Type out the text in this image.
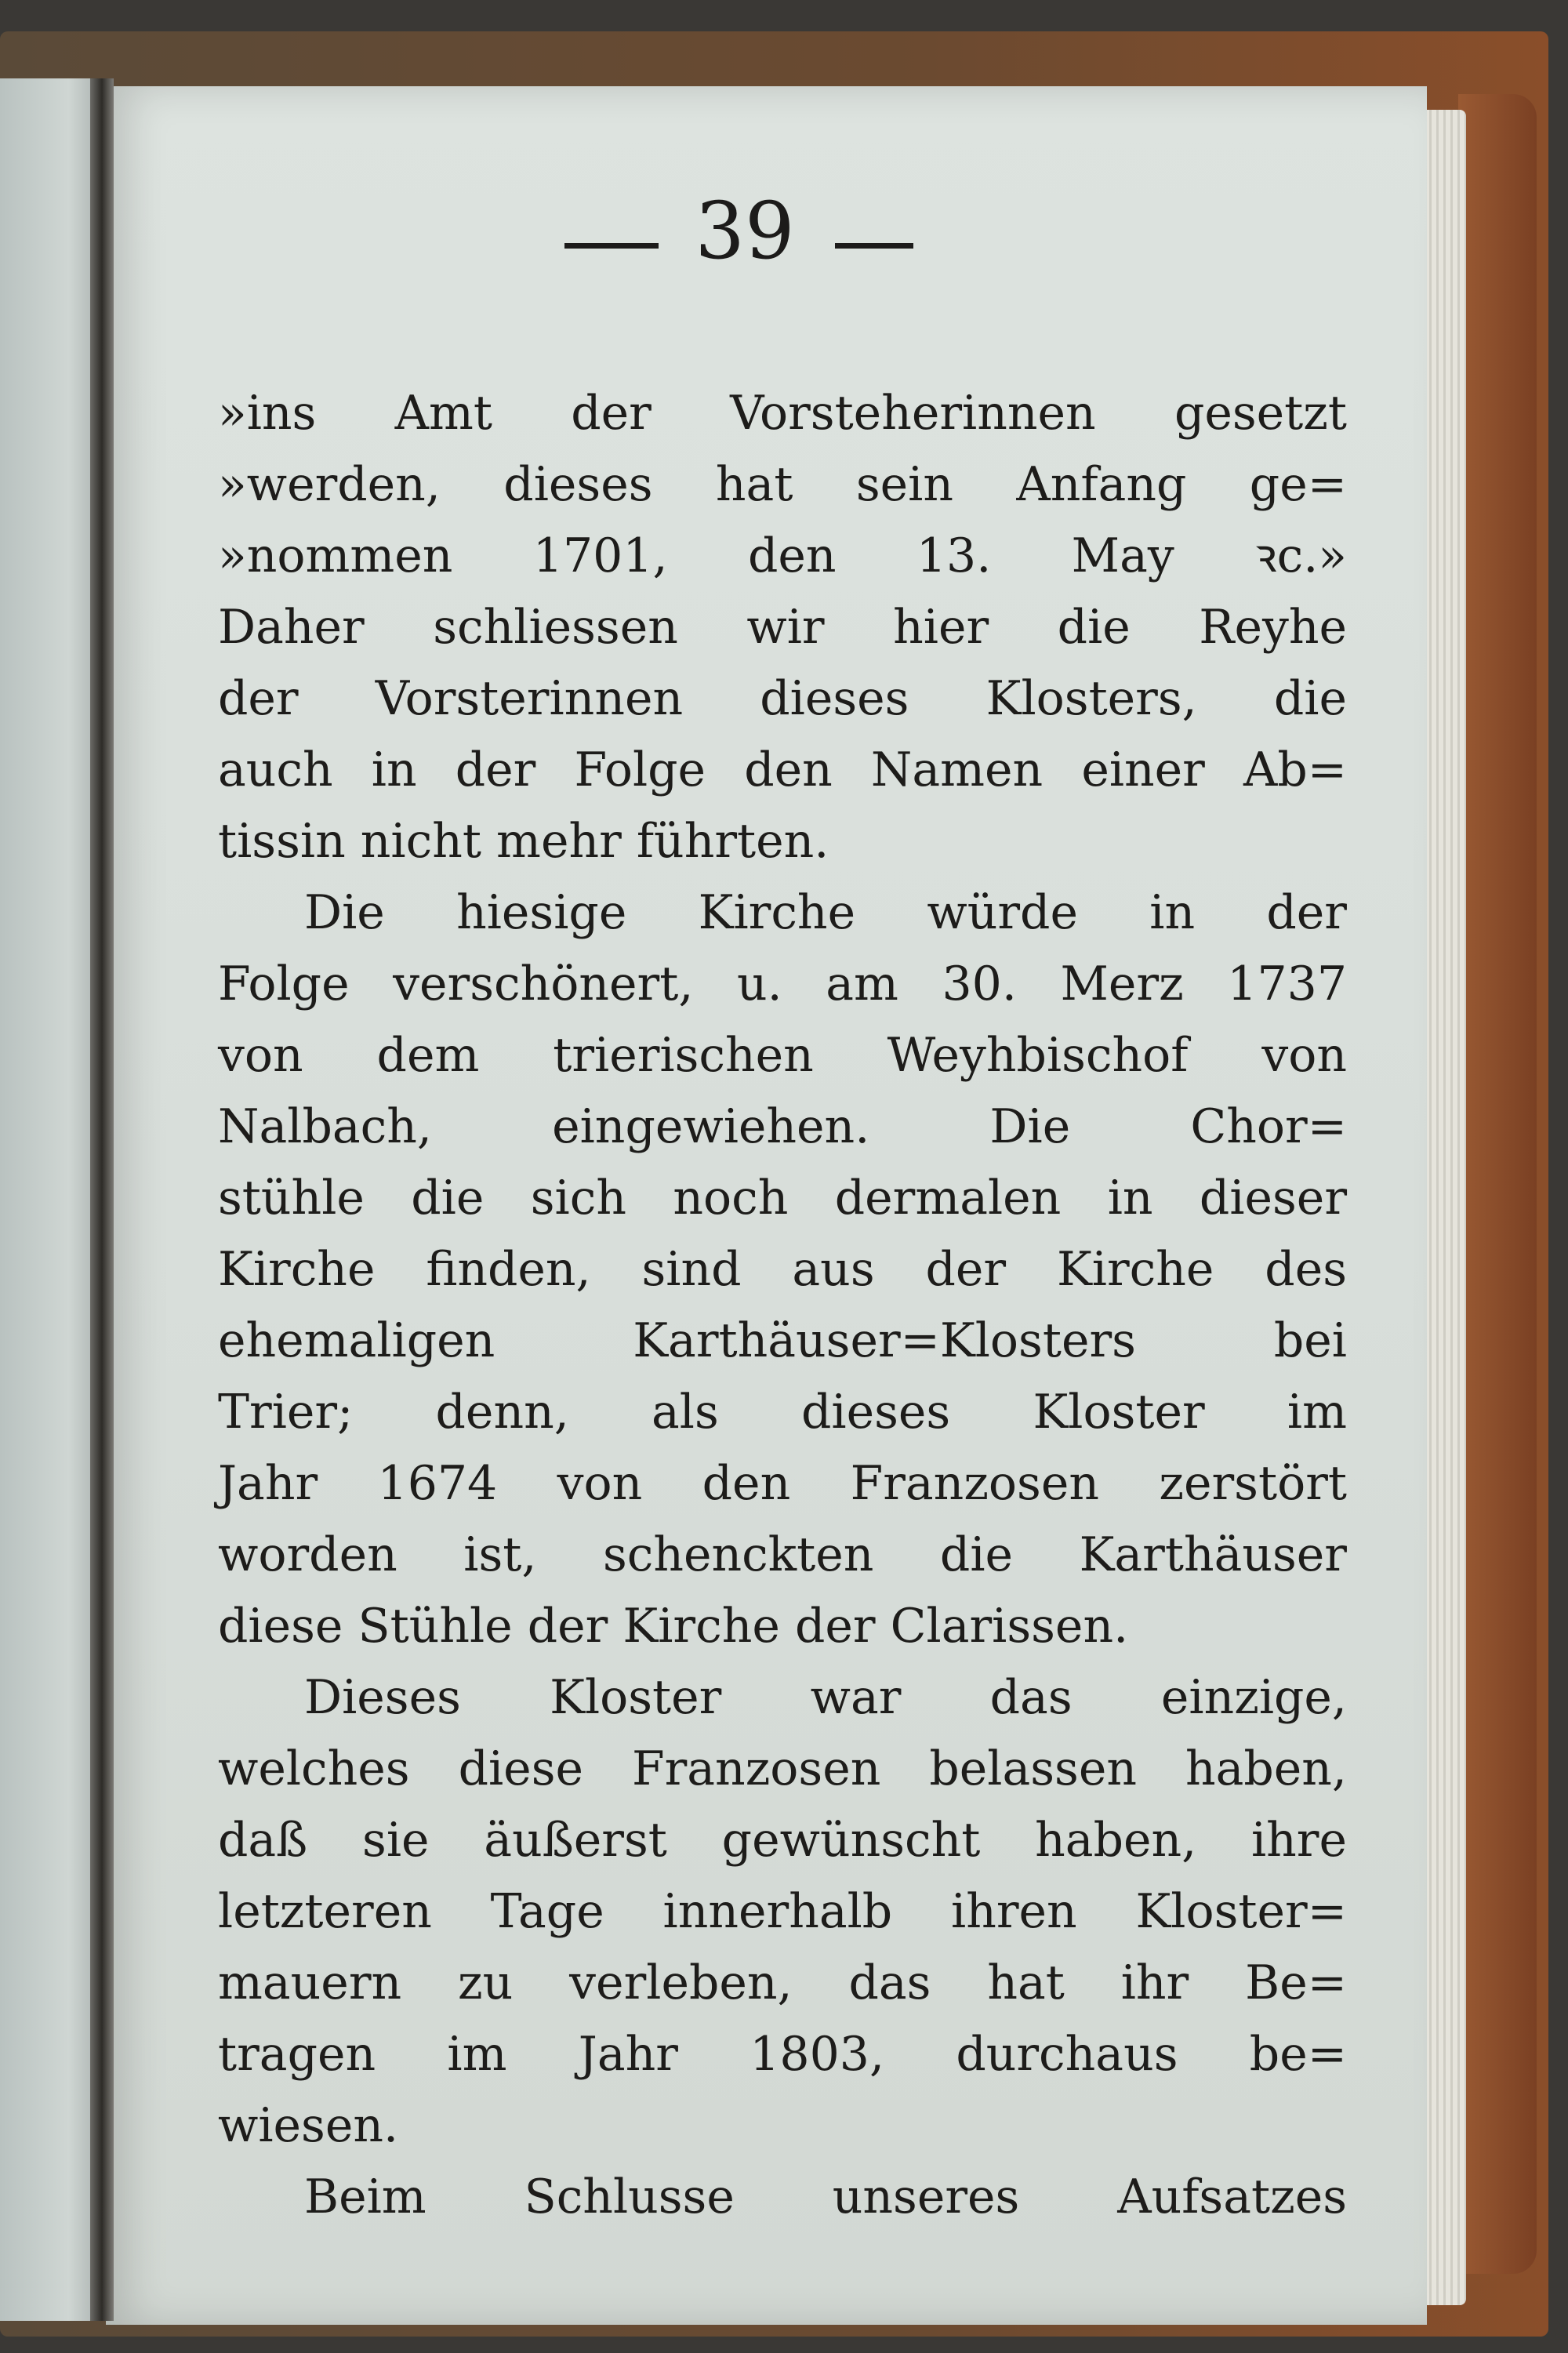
39
»ins Amt der Vorsteherinnen gesetzt
»werden, dieses hat sein Anfang ge=
»nommen 1701, den 13. May ꝛc.»
Daher schliessen wir hier die Reyhe
der Vorsterinnen dieses Klosters, die
auch in der Folge den Namen einer Ab=
tissin nicht mehr führten.
Die hiesige Kirche würde in der
Folge verschönert, u. am 30. Merz 1737
von dem trierischen Weyhbischof von
Nalbach, eingewiehen. Die Chor=
stühle die sich noch dermalen in dieser
Kirche finden, sind aus der Kirche des
ehemaligen Karthäuser=Klosters bei
Trier; denn, als dieses Kloster im
Jahr 1674 von den Franzosen zerstört
worden ist, schenckten die Karthäuser
diese Stühle der Kirche der Clarissen.
Dieses Kloster war das einzige,
welches diese Franzosen belassen haben,
daß sie äußerst gewünscht haben, ihre
letzteren Tage innerhalb ihren Kloster=
mauern zu verleben, das hat ihr Be=
tragen im Jahr 1803, durchaus be=
wiesen.
Beim Schlusse unseres Aufsatzes
